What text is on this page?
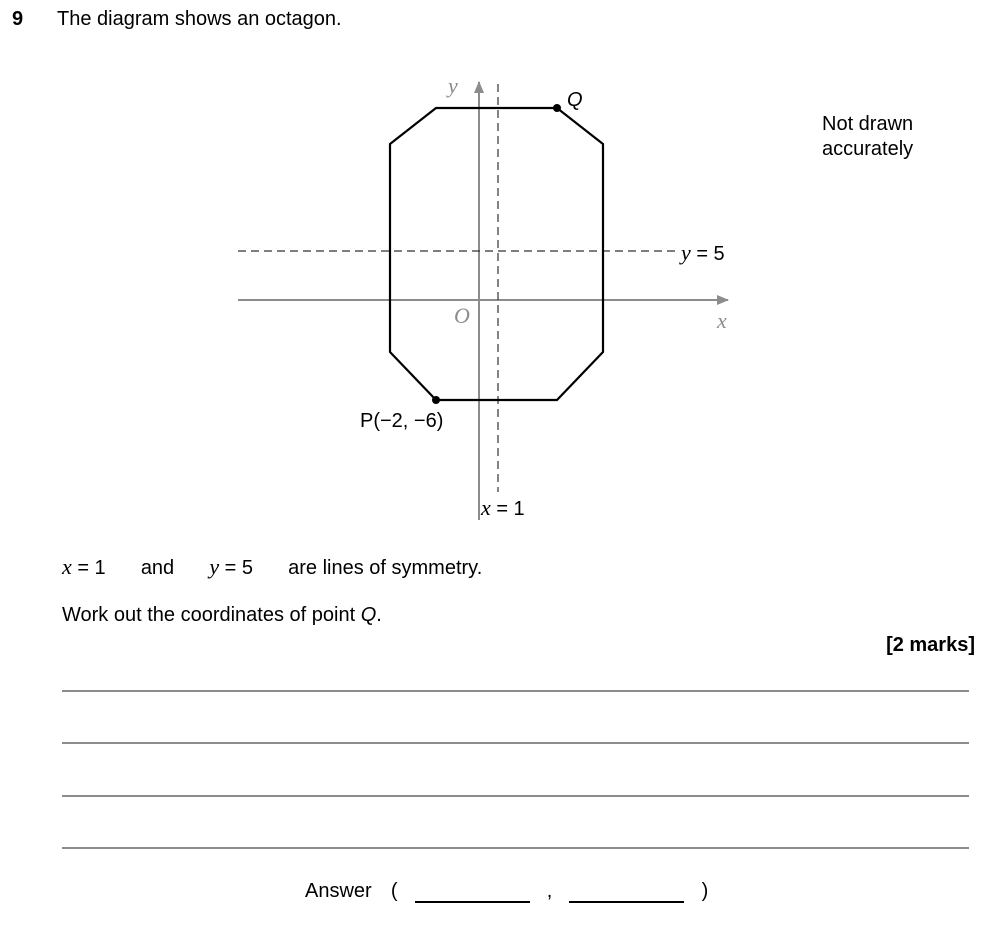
9 The diagram shows an octagon.
Not drawn
accurately
y
x
O
Q
P(−2, −6)
y = 5
x = 1
x = 1 and y = 5 are lines of symmetry.
Work out the coordinates of point Q.
[2 marks]
Answer (	,	)
